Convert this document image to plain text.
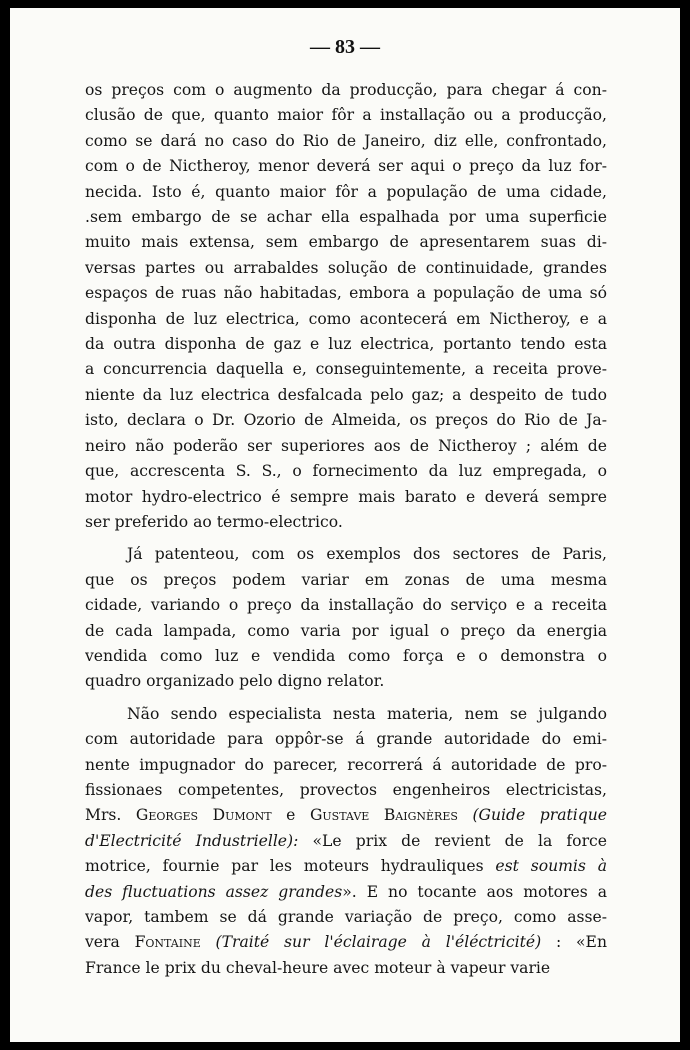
— 83 —
os preços com o augmento da producção, para chegar á con-
clusão de que, quanto maior fôr a installação ou a producção,
como se dará no caso do Rio de Janeiro, diz elle, confrontado,
com o de Nictheroy, menor deverá ser aqui o preço da luz for-
necida. Isto é, quanto maior fôr a população de uma cidade,
.sem embargo de se achar ella espalhada por uma superficie
muito mais extensa, sem embargo de apresentarem suas di-
versas partes ou arrabaldes solução de continuidade, grandes
espaços de ruas não habitadas, embora a população de uma só
disponha de luz electrica, como acontecerá em Nictheroy, e a
da outra disponha de gaz e luz electrica, portanto tendo esta
a concurrencia daquella e, conseguintemente, a receita prove-
niente da luz electrica desfalcada pelo gaz; a despeito de tudo
isto, declara o Dr. Ozorio de Almeida, os preços do Rio de Ja-
neiro não poderão ser superiores aos de Nictheroy ; além de
que, accrescenta S. S., o fornecimento da luz empregada, o
motor hydro-electrico é sempre mais barato e deverá sempre
ser preferido ao termo-electrico.
Já patenteou, com os exemplos dos sectores de Paris,
que os preços podem variar em zonas de uma mesma
cidade, variando o preço da installação do serviço e a receita
de cada lampada, como varia por igual o preço da energia
vendida como luz e vendida como força e o demonstra o
quadro organizado pelo digno relator.
Não sendo especialista nesta materia, nem se julgando
com autoridade para oppôr-se á grande autoridade do emi-
nente impugnador do parecer, recorrerá á autoridade de pro-
fissionaes competentes, provectos engenheiros electricistas,
Mrs. Georges Dumont e Gustave Baignères (Guide pratique
d'Electricité Industrielle): «Le prix de revient de la force
motrice, fournie par les moteurs hydrauliques est soumis à
des fluctuations assez grandes». E no tocante aos motores a
vapor, tambem se dá grande variação de preço, como asse-
vera Fontaine (Traité sur l'éclairage à l'éléctricité) : «En
France le prix du cheval-heure avec moteur à vapeur varie
